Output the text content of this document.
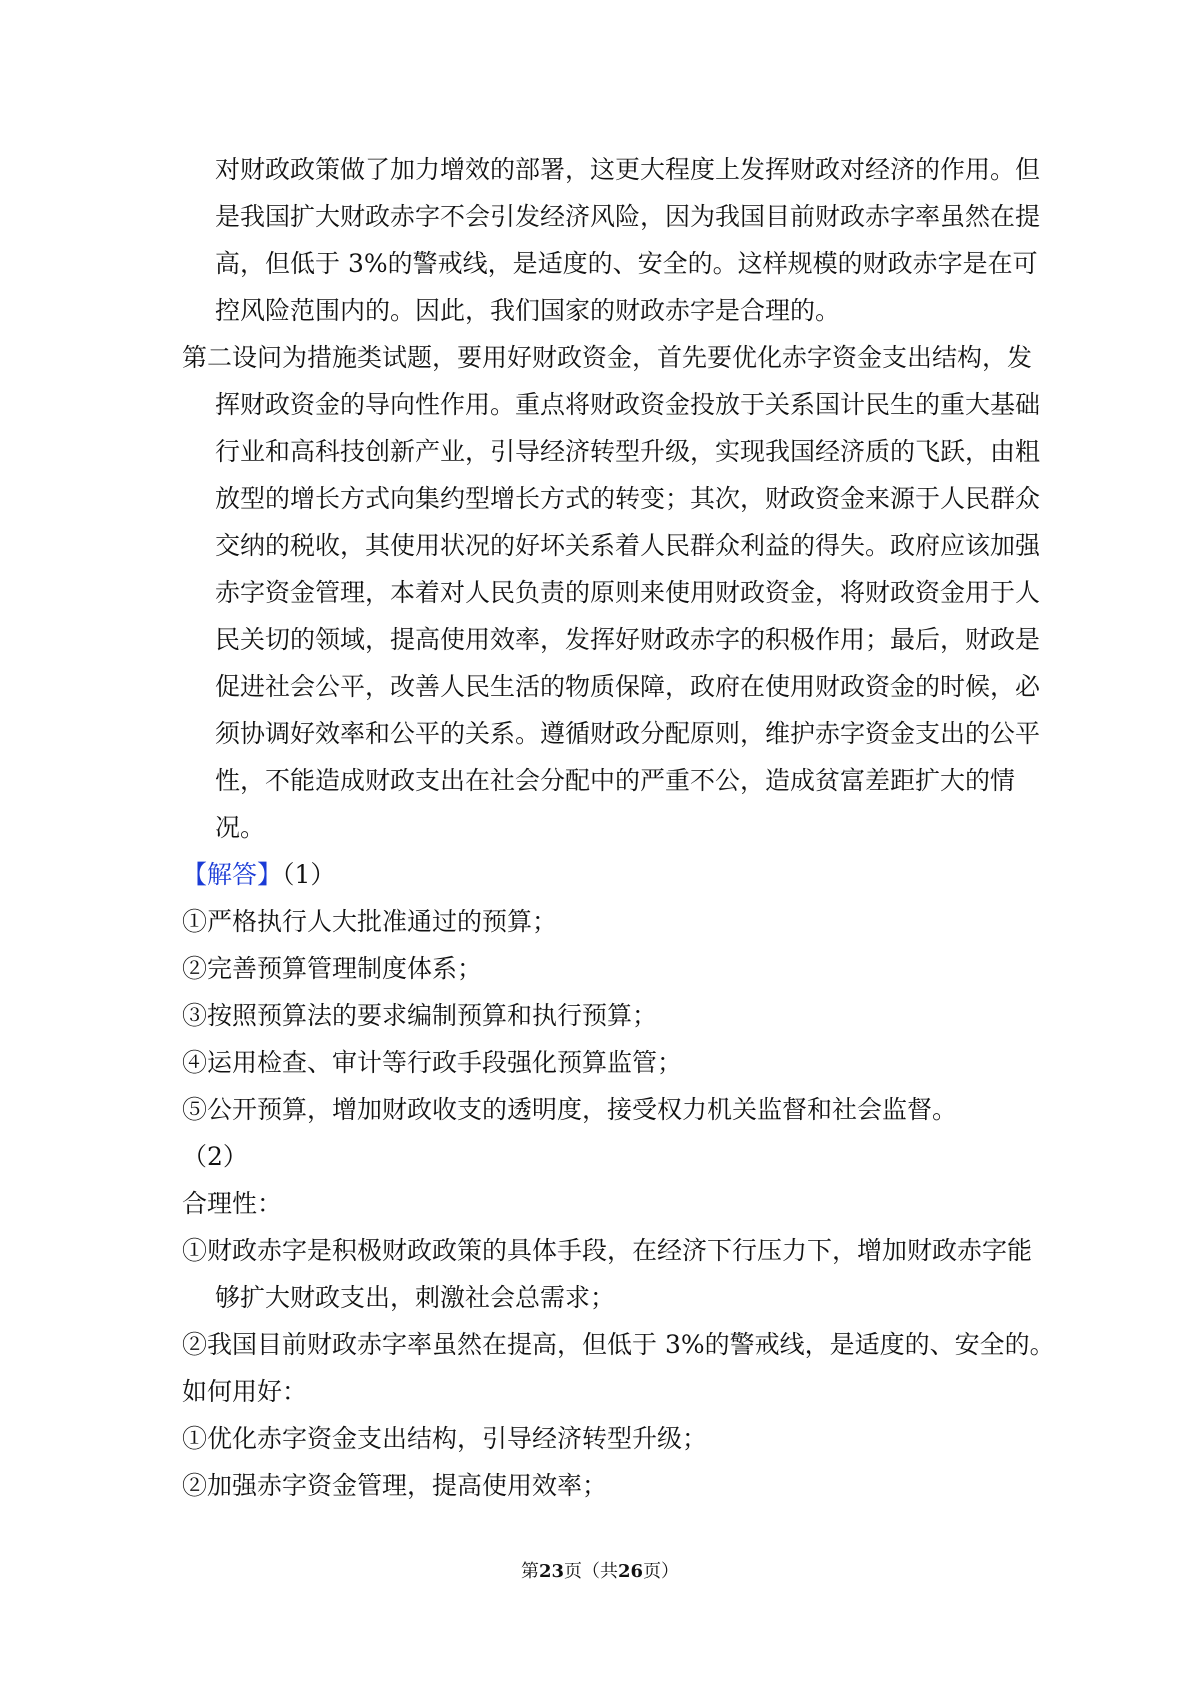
对财政政策做了加力增效的部署，这更大程度上发挥财政对经济的作用。但
是我国扩大财政赤字不会引发经济风险，因为我国目前财政赤字率虽然在提
高，但低于 3%的警戒线，是适度的、安全的。这样规模的财政赤字是在可
控风险范围内的。因此，我们国家的财政赤字是合理的。
第二设问为措施类试题，要用好财政资金，首先要优化赤字资金支出结构，发
挥财政资金的导向性作用。重点将财政资金投放于关系国计民生的重大基础
行业和高科技创新产业，引导经济转型升级，实现我国经济质的飞跃，由粗
放型的增长方式向集约型增长方式的转变；其次，财政资金来源于人民群众
交纳的税收，其使用状况的好坏关系着人民群众利益的得失。政府应该加强
赤字资金管理，本着对人民负责的原则来使用财政资金，将财政资金用于人
民关切的领域，提高使用效率，发挥好财政赤字的积极作用；最后，财政是
促进社会公平，改善人民生活的物质保障，政府在使用财政资金的时候，必
须协调好效率和公平的关系。遵循财政分配原则，维护赤字资金支出的公平
性，不能造成财政支出在社会分配中的严重不公，造成贫富差距扩大的情
况。
【解答】（1）
①严格执行人大批准通过的预算；
②完善预算管理制度体系；
③按照预算法的要求编制预算和执行预算；
④运用检查、审计等行政手段强化预算监管；
⑤公开预算，增加财政收支的透明度，接受权力机关监督和社会监督。
（2）
合理性：
①财政赤字是积极财政政策的具体手段，在经济下行压力下，增加财政赤字能
够扩大财政支出，刺激社会总需求；
②我国目前财政赤字率虽然在提高，但低于 3%的警戒线，是适度的、安全的。
如何用好：
①优化赤字资金支出结构，引导经济转型升级；
②加强赤字资金管理，提高使用效率；
第23页（共26页）
